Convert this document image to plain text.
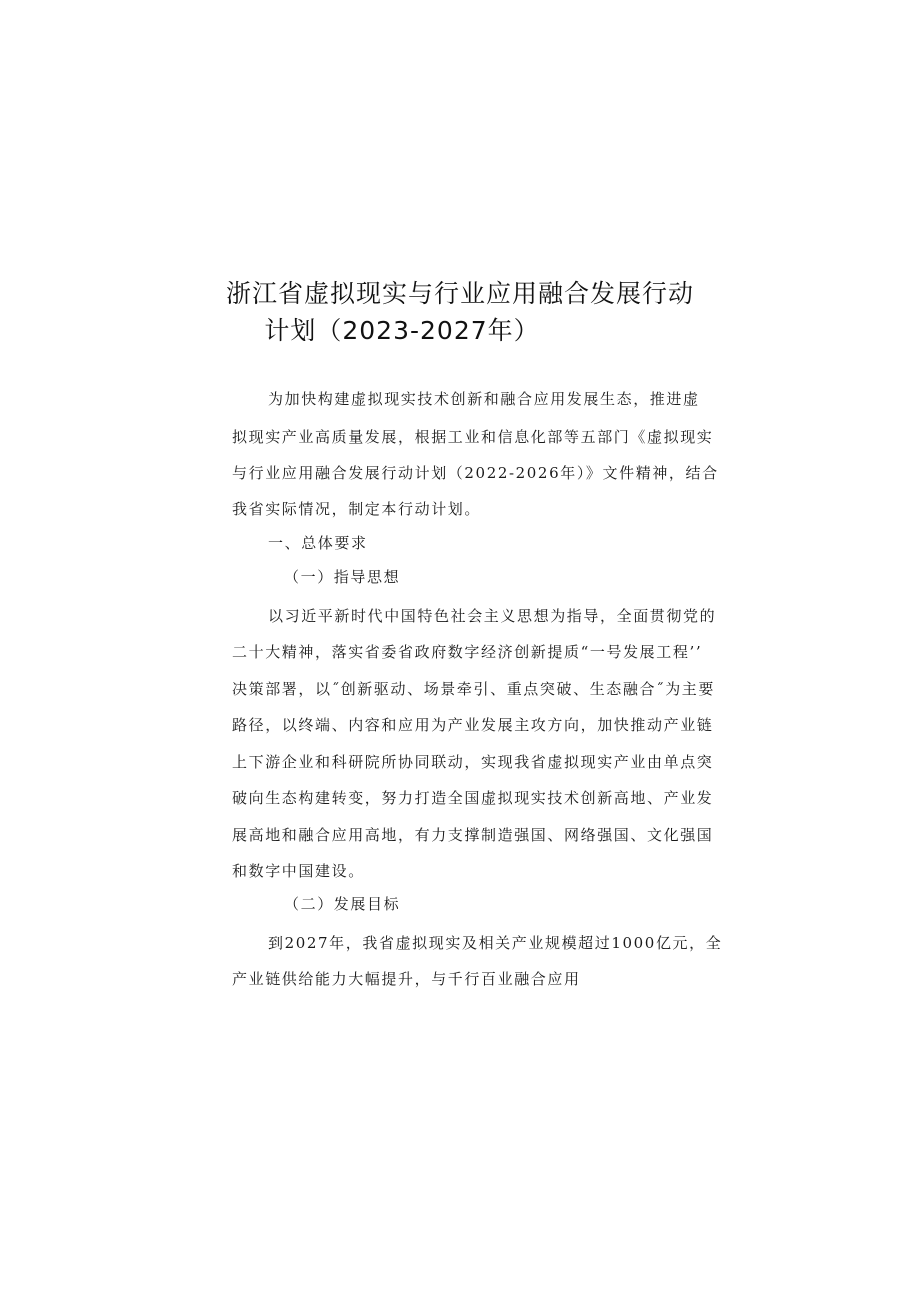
浙江省虚拟现实与行业应用融合发展行动
计划（2023-2027年）
为加快构建虚拟现实技术创新和融合应用发展生态，推进虚
拟现实产业高质量发展，根据工业和信息化部等五部门《虚拟现实
与行业应用融合发展行动计划（2022-2026年）》文件精神，结合
我省实际情况，制定本行动计划。
一、总体要求
（一）指导思想
以习近平新时代中国特色社会主义思想为指导，全面贯彻党的
二十大精神，落实省委省政府数字经济创新提质“一号发展工程’’
决策部署，以˝创新驱动、场景牵引、重点突破、生态融合˝为主要
路径，以终端、内容和应用为产业发展主攻方向，加快推动产业链
上下游企业和科研院所协同联动，实现我省虚拟现实产业由单点突
破向生态构建转变，努力打造全国虚拟现实技术创新高地、产业发
展高地和融合应用高地，有力支撑制造强国、网络强国、文化强国
和数字中国建设。
（二）发展目标
到2027年，我省虚拟现实及相关产业规模超过1000亿元，全
产业链供给能力大幅提升，与千行百业融合应用
